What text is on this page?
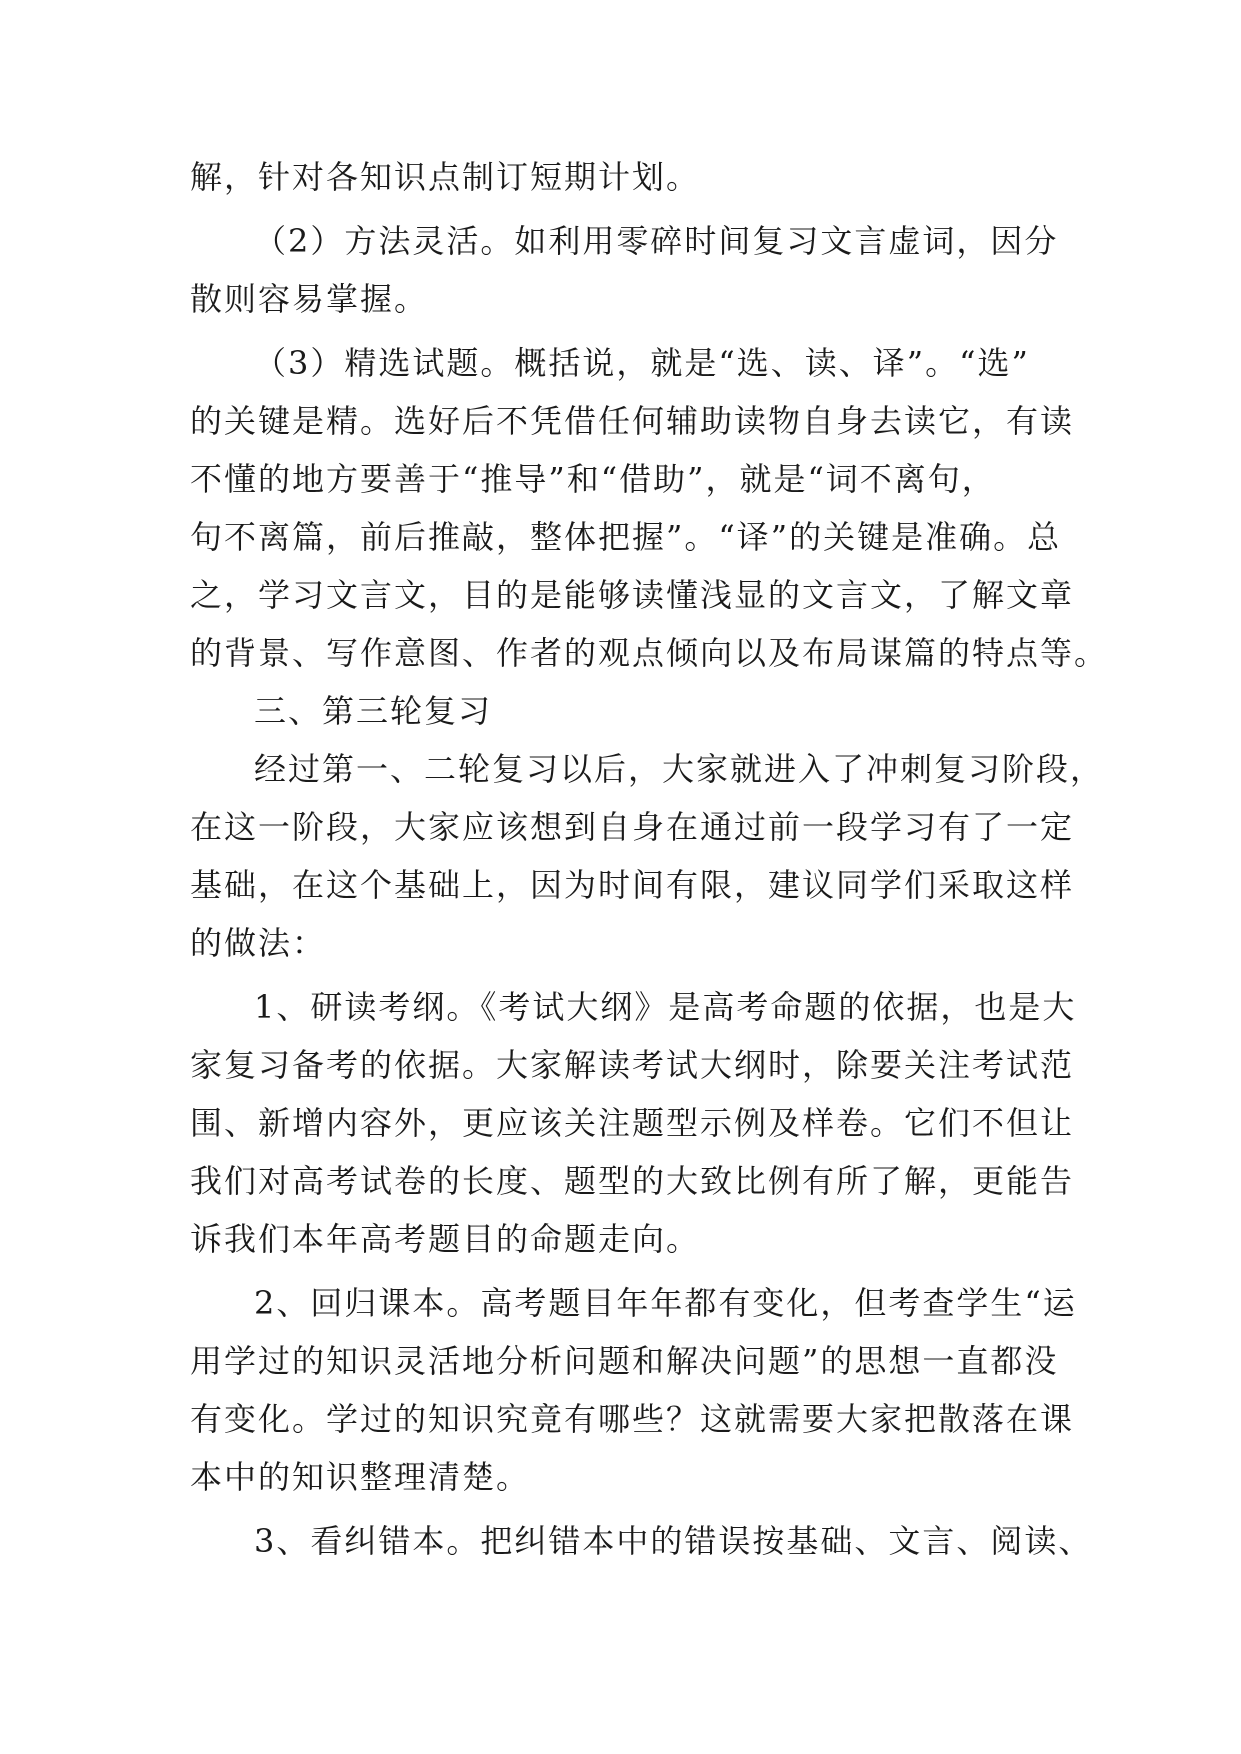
解，针对各知识点制订短期计划。
（2）方法灵活。如利用零碎时间复习文言虚词，因分
散则容易掌握。
（3）精选试题。概括说，就是“选、读、译”。“选”
的关键是精。选好后不凭借任何辅助读物自身去读它，有读
不懂的地方要善于“推导”和“借助”，就是“词不离句，
句不离篇，前后推敲，整体把握”。“译”的关键是准确。总
之，学习文言文，目的是能够读懂浅显的文言文，了解文章
的背景、写作意图、作者的观点倾向以及布局谋篇的特点等。
三、第三轮复习
经过第一、二轮复习以后，大家就进入了冲刺复习阶段，
在这一阶段，大家应该想到自身在通过前一段学习有了一定
基础，在这个基础上，因为时间有限，建议同学们采取这样
的做法：
1、研读考纲。《考试大纲》是高考命题的依据，也是大
家复习备考的依据。大家解读考试大纲时，除要关注考试范
围、新增内容外，更应该关注题型示例及样卷。它们不但让
我们对高考试卷的长度、题型的大致比例有所了解，更能告
诉我们本年高考题目的命题走向。
2、回归课本。高考题目年年都有变化，但考查学生“运
用学过的知识灵活地分析问题和解决问题”的思想一直都没
有变化。学过的知识究竟有哪些？这就需要大家把散落在课
本中的知识整理清楚。
3、看纠错本。把纠错本中的错误按基础、文言、阅读、
